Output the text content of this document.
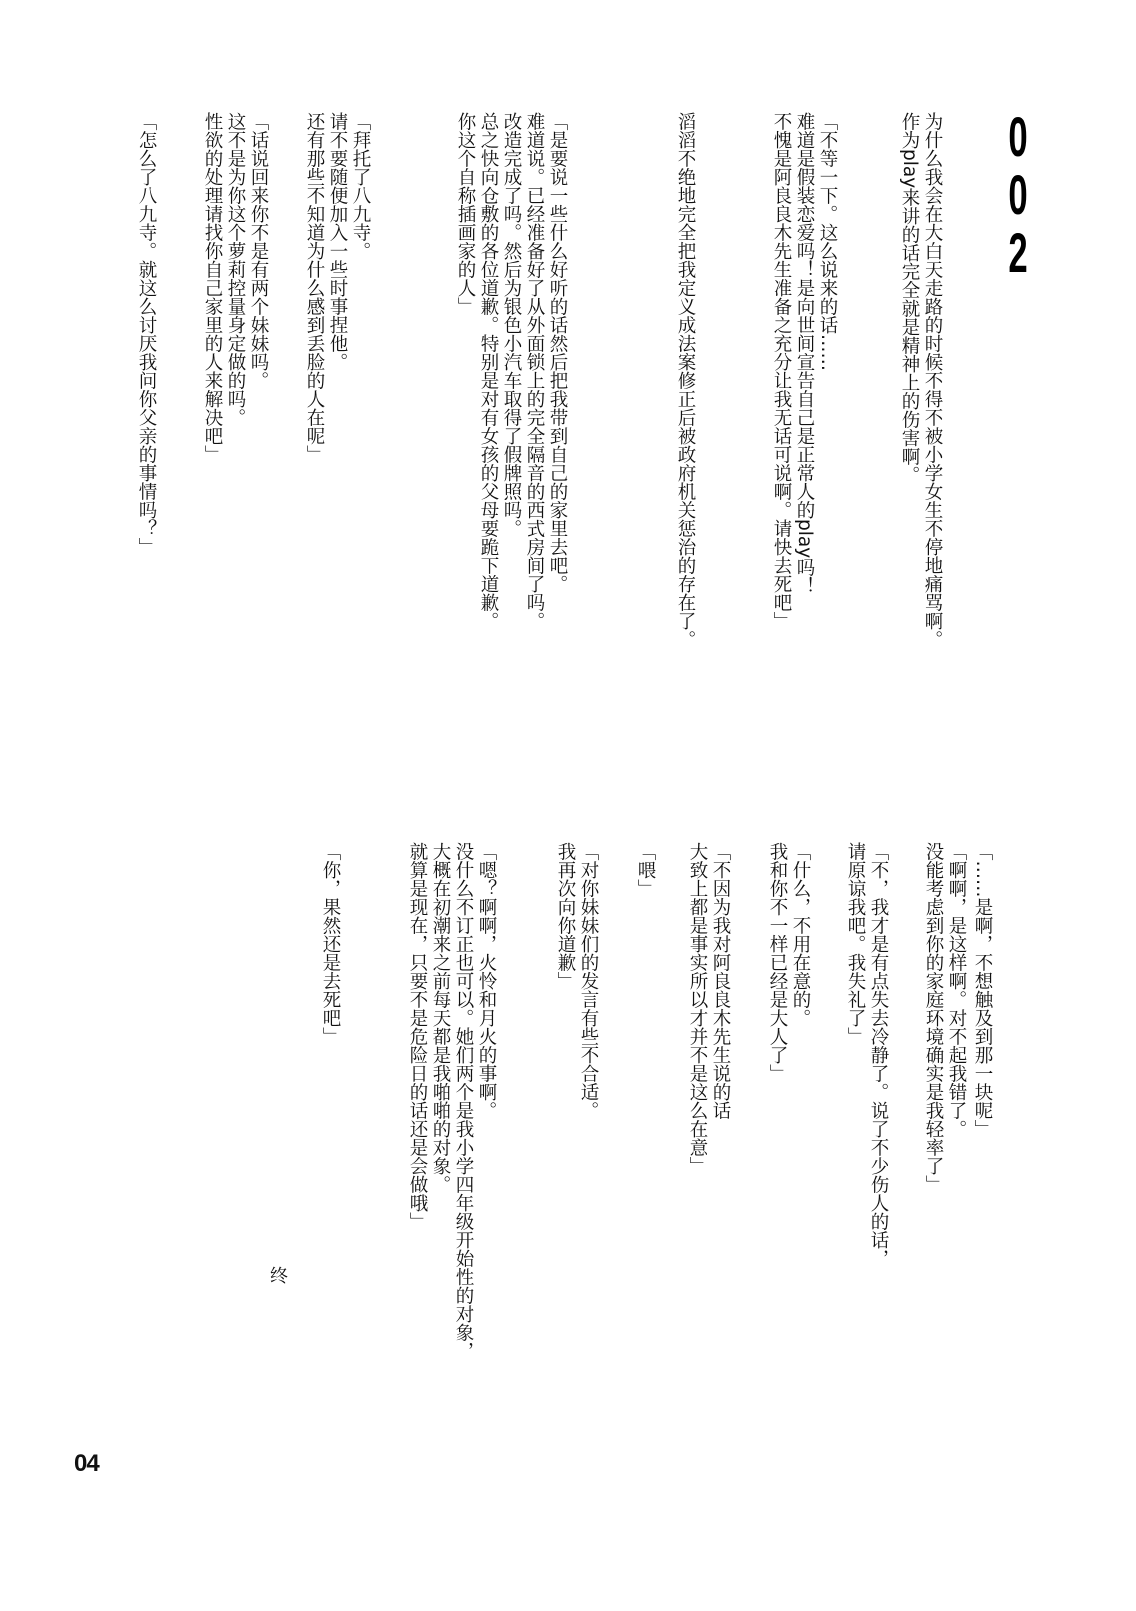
0
0
2
为什么我会在大白天走路的时候不得不被小学女生不停地痛骂啊。
作为play来讲的话完全就是精神上的伤害啊。
「不等一下。这么说来的话……
难道是假装恋爱吗！是向世间宣告自己是正常人的play吗！
不愧是阿良良木先生准备之充分让我无话可说啊。请快去死吧」
滔滔不绝地完全把我定义成法案修正后被政府机关惩治的存在了。
「是要说一些什么好听的话然后把我带到自己的家里去吧。
难道说。已经准备好了从外面锁上的完全隔音的西式房间了吗。
改造完成了吗。然后为银色小汽车取得了假牌照吗。
总之快向仓敷的各位道歉。特别是对有女孩的父母要跪下道歉。
你这个自称插画家的人」
「拜托了八九寺。
请不要随便加入一些时事捏他。
还有那些不知道为什么感到丢脸的人在呢」
「话说回来你不是有两个妹妹吗。
这不是为你这个萝莉控量身定做的吗。
性欲的处理请找你自己家里的人来解决吧」
「怎么了八九寺。就这么讨厌我问你父亲的事情吗？」
「……是啊，不想触及到那一块呢」
「啊啊，是这样啊。对不起我错了。
没能考虑到你的家庭环境确实是我轻率了」
「不，我才是有点失去冷静了。说了不少伤人的话，
请原谅我吧。我失礼了」
「什么，不用在意的。
我和你不一样已经是大人了」
「不因为我对阿良良木先生说的话
大致上都是事实所以才并不是这么在意」
「喂」
「对你妹妹们的发言有些不合适。
我再次向你道歉」
「嗯？啊啊，火怜和月火的事啊。
没什么不订正也可以。她们两个是我小学四年级开始性的对象，
大概在初潮来之前每天都是我啪啪的对象。
就算是现在，只要不是危险日的话还是会做哦」
「你，果然还是去死吧」
终
04
